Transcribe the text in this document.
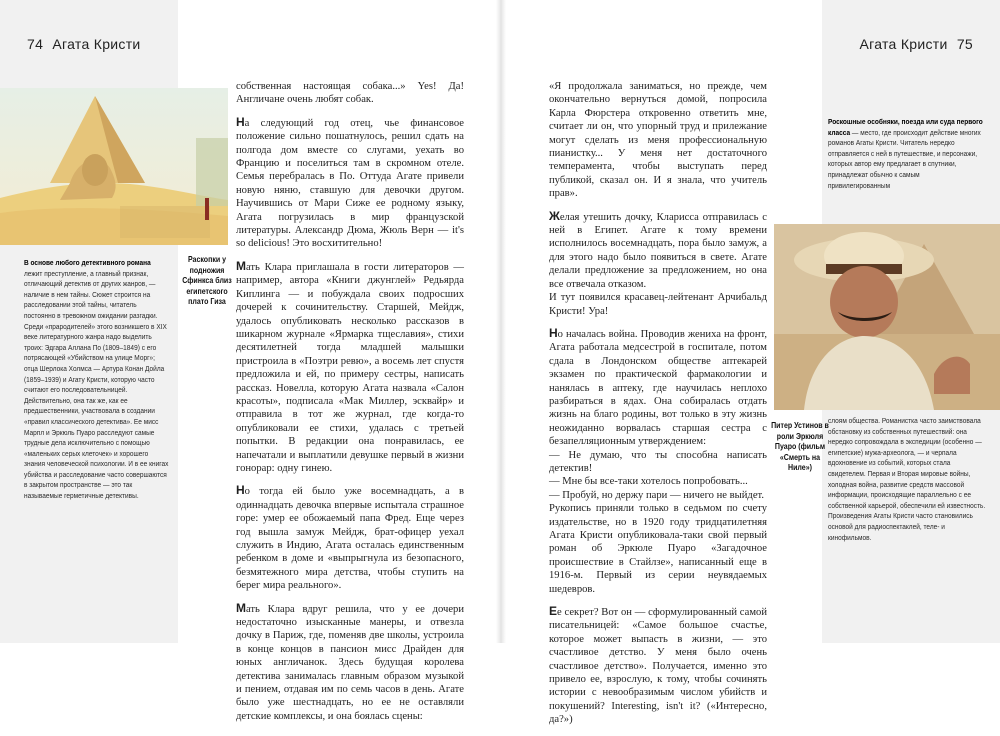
74 Агата Кристи	Агата Кристи 75
В основе любого детективного романа лежит преступление, а главный признак, отличающий детектив от других жанров, — наличие в нем тайны. Сюжет строится на расследовании этой тайны, читатель постоянно в тревожном ожидании разгадки. Среди «прародителей» этого возникшего в XIX веке литературного жанра надо выделить троих: Эдгара Аллана По (1809–1849) с его потрясающей «Убийством на улице Морг»; отца Шерлока Холмса — Артура Конан Дойла (1859–1939) и Агату Кристи, которую часто считают его последовательницей. Действительно, она так же, как ее предшественники, участвовала в создании «правил классического детектива». Ее мисс Марпл и Эркюль Пуаро расследуют самые трудные дела исключительно с помощью «маленьких серых клеточек» и хорошего знания человеческой психологии. И в ее книгах убийства и расследование часто совершаются в закрытом пространстве — это так называемые герметичные детективы.
Раскопки у подножия Сфинкса близ египетского плато Гиза
Роскошные особняки, поезда или суда первого класса — место, где происходит действие многих романов Агаты Кристи. Читатель нередко отправляется с ней в путешествие, и персонажи, которых автор ему предлагает в спутники, принадлежат обычно к самым привилегированным
слоям общества. Романистка часто заимствовала обстановку из собственных путешествий: она нередко сопровождала в экспедиции (особенно — египетские) мужа-археолога, — и черпала вдохновение из событий, которых стала свидетелем. Первая и Вторая мировые войны, холодная война, развитие средств массовой информации, происходящие параллельно с ее собственной карьерой, обеспечили ей известность. Произведения Агаты Кристи часто становились основой для радиоспектаклей, теле- и кинофильмов.
Питер Устинов в роли Эркюля Пуаро (фильм «Смерть на Ниле»)

собственная настоящая собака...» Yes! Да! Англичане очень любят собак.

На следующий год отец, чье финансовое положение сильно пошатнулось, решил сдать на полгода дом вместе со слугами, уехать во Францию и поселиться там в скромном отеле. Семья перебралась в По. Оттуда Агате привели новую няню, ставшую для девочки другом. Научившись от Мари Сиже ее родному языку, Агата погрузилась в мир французской литературы. Александр Дюма, Жюль Верн — it's so delicious! Это восхитительно!

Мать Клара приглашала в гости литераторов — например, автора «Книги джунглей» Редьярда Киплинга — и побуждала своих подросших дочерей к сочинительству. Старшей, Мейдж, удалось опубликовать несколько рассказов в шикарном журнале «Ярмарка тщеславия», стихи десятилетней тогда младшей малышки пристроила в «Поэтри ревю», а восемь лет спустя предложила и ей, по примеру сестры, написать рассказ. Новелла, которую Агата назвала «Салон красоты», подписала «Мак Миллер, эсквайр» и отправила в тот же журнал, где когда-то опубликовали ее стихи, удалась с третьей попытки. В редакции она понравилась, ее напечатали и выплатили девушке первый в жизни гонорар: одну гинею.

Но тогда ей было уже восемнадцать, а в одиннадцать девочка впервые испытала страшное горе: умер ее обожаемый папа Фред. Еще через год вышла замуж Мейдж, брат-офицер уехал служить в Индию, Агата осталась единственным ребенком в доме и «выпрыгнула из безопасного, безмятежного мира детства, чтобы ступить на берег мира реального».

Мать Клара вдруг решила, что у ее дочери недостаточно изысканные манеры, и отвезла дочку в Париж, где, поменяв две школы, устроила в конце концов в пансион мисс Драйден для юных англичанок. Здесь будущая королева детектива занималась главным образом музыкой и пением, отдавая им по семь часов в день. Агате было уже шестнадцать, но ее не оставляли детские комплексы, и она боялась сцены:

«Я продолжала заниматься, но прежде, чем окончательно вернуться домой, попросила Карла Фюрстера откровенно ответить мне, считает ли он, что упорный труд и прилежание могут сделать из меня профессиональную пианистку... У меня нет достаточного темперамента, чтобы выступать перед публикой, сказал он. И я знала, что учитель прав».

Желая утешить дочку, Кларисса отправилась с ней в Египет. Агате к тому времени исполнилось восемнадцать, пора было замуж, а для этого надо было появиться в свете. Агате делали предложение за предложением, но она все отвечала отказом.

И тут появился красавец-лейтенант Арчибальд Кристи! Ура!

Но началась война. Проводив жениха на фронт, Агата работала медсестрой в госпитале, потом сдала в Лондонском обществе аптекарей экзамен по практической фармакологии и нанялась в аптеку, где научилась неплохо разбираться в ядах. Она собиралась отдать жизнь на благо родины, вот только в эту жизнь неожиданно ворвалась старшая сестра с безапелляционным утверждением:

— Не думаю, что ты способна написать детектив!

— Мне бы все-таки хотелось попробовать...

— Пробуй, но держу пари — ничего не выйдет.

Рукопись приняли только в седьмом по счету издательстве, но в 1920 году тридцатилетняя Агата Кристи опубликовала-таки свой первый роман об Эркюле Пуаро «Загадочное происшествие в Стайлзе», написанный еще в 1916-м. Первый из серии неувядаемых шедевров.

Ее секрет? Вот он — сформулированный самой писательницей: «Самое большое счастье, которое может выпасть в жизни, — это счастливое детство. У меня было очень счастливое детство». Получается, именно это привело ее, взрослую, к тому, чтобы сочинять истории с невообразимым числом убийств и покушений? Interesting, isn't it? («Интересно, да?»)
